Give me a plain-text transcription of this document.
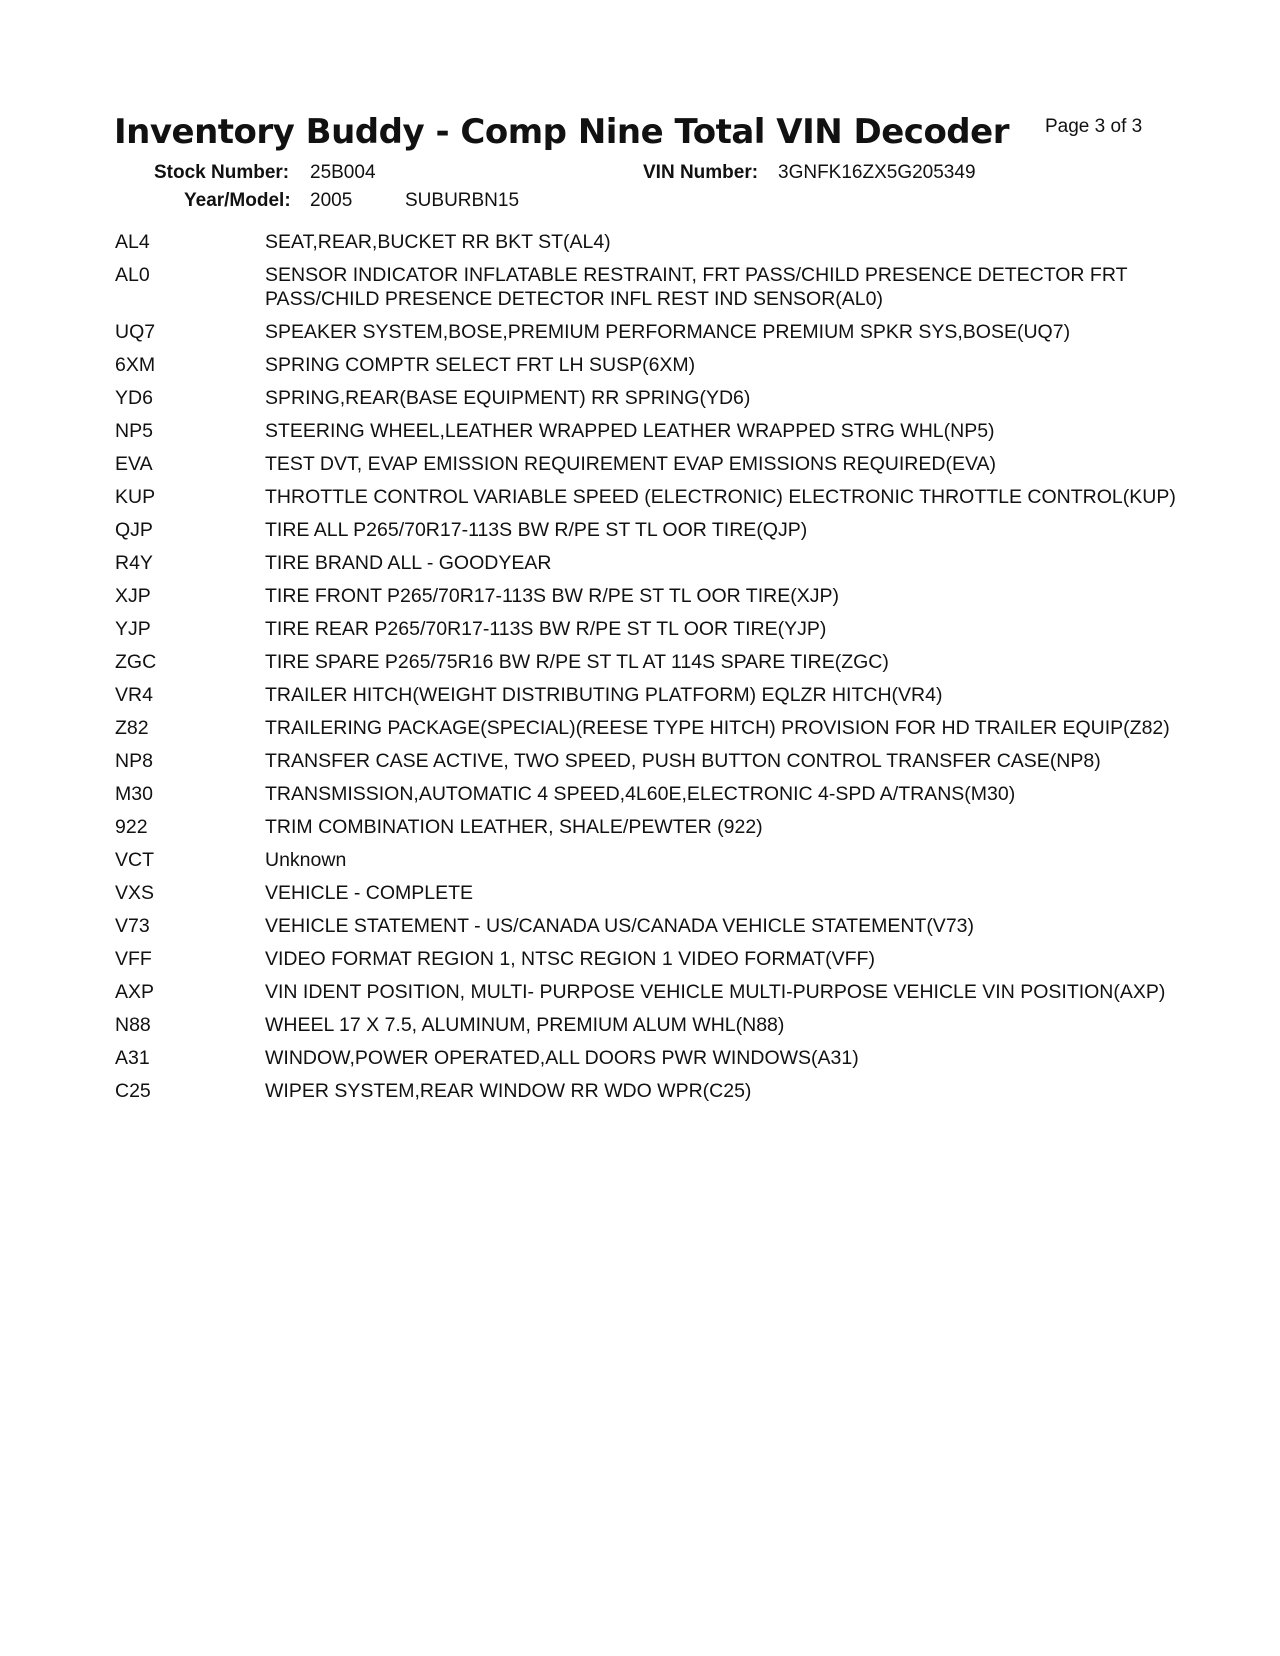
Inventory Buddy - Comp Nine Total VIN Decoder Page 3 of 3
Stock Number: 25B004	VIN Number: 3GNFK16ZX5G205349
Year/Model: 2005	SUBURBN15
AL4	SEAT,REAR,BUCKET RR BKT ST(AL4)
AL0	SENSOR INDICATOR INFLATABLE RESTRAINT, FRT PASS/CHILD PRESENCE DETECTOR FRT PASS/CHILD PRESENCE DETECTOR INFL REST IND SENSOR(AL0)
UQ7	SPEAKER SYSTEM,BOSE,PREMIUM PERFORMANCE PREMIUM SPKR SYS,BOSE(UQ7)
6XM	SPRING COMPTR SELECT FRT LH SUSP(6XM)
YD6	SPRING,REAR(BASE EQUIPMENT) RR SPRING(YD6)
NP5	STEERING WHEEL,LEATHER WRAPPED LEATHER WRAPPED STRG WHL(NP5)
EVA	TEST DVT, EVAP EMISSION REQUIREMENT EVAP EMISSIONS REQUIRED(EVA)
KUP	THROTTLE CONTROL VARIABLE SPEED (ELECTRONIC) ELECTRONIC THROTTLE CONTROL(KUP)
QJP	TIRE ALL P265/70R17-113S BW R/PE ST TL OOR TIRE(QJP)
R4Y	TIRE BRAND ALL - GOODYEAR
XJP	TIRE FRONT P265/70R17-113S BW R/PE ST TL OOR TIRE(XJP)
YJP	TIRE REAR P265/70R17-113S BW R/PE ST TL OOR TIRE(YJP)
ZGC	TIRE SPARE P265/75R16 BW R/PE ST TL AT 114S SPARE TIRE(ZGC)
VR4	TRAILER HITCH(WEIGHT DISTRIBUTING PLATFORM) EQLZR HITCH(VR4)
Z82	TRAILERING PACKAGE(SPECIAL)(REESE TYPE HITCH) PROVISION FOR HD TRAILER EQUIP(Z82)
NP8	TRANSFER CASE ACTIVE, TWO SPEED, PUSH BUTTON CONTROL TRANSFER CASE(NP8)
M30	TRANSMISSION,AUTOMATIC 4 SPEED,4L60E,ELECTRONIC 4-SPD A/TRANS(M30)
922	TRIM COMBINATION LEATHER, SHALE/PEWTER (922)
VCT	Unknown
VXS	VEHICLE - COMPLETE
V73	VEHICLE STATEMENT - US/CANADA US/CANADA VEHICLE STATEMENT(V73)
VFF	VIDEO FORMAT REGION 1, NTSC REGION 1 VIDEO FORMAT(VFF)
AXP	VIN IDENT POSITION, MULTI- PURPOSE VEHICLE MULTI-PURPOSE VEHICLE VIN POSITION(AXP)
N88	WHEEL 17 X 7.5, ALUMINUM, PREMIUM ALUM WHL(N88)
A31	WINDOW,POWER OPERATED,ALL DOORS PWR WINDOWS(A31)
C25	WIPER SYSTEM,REAR WINDOW RR WDO WPR(C25)
